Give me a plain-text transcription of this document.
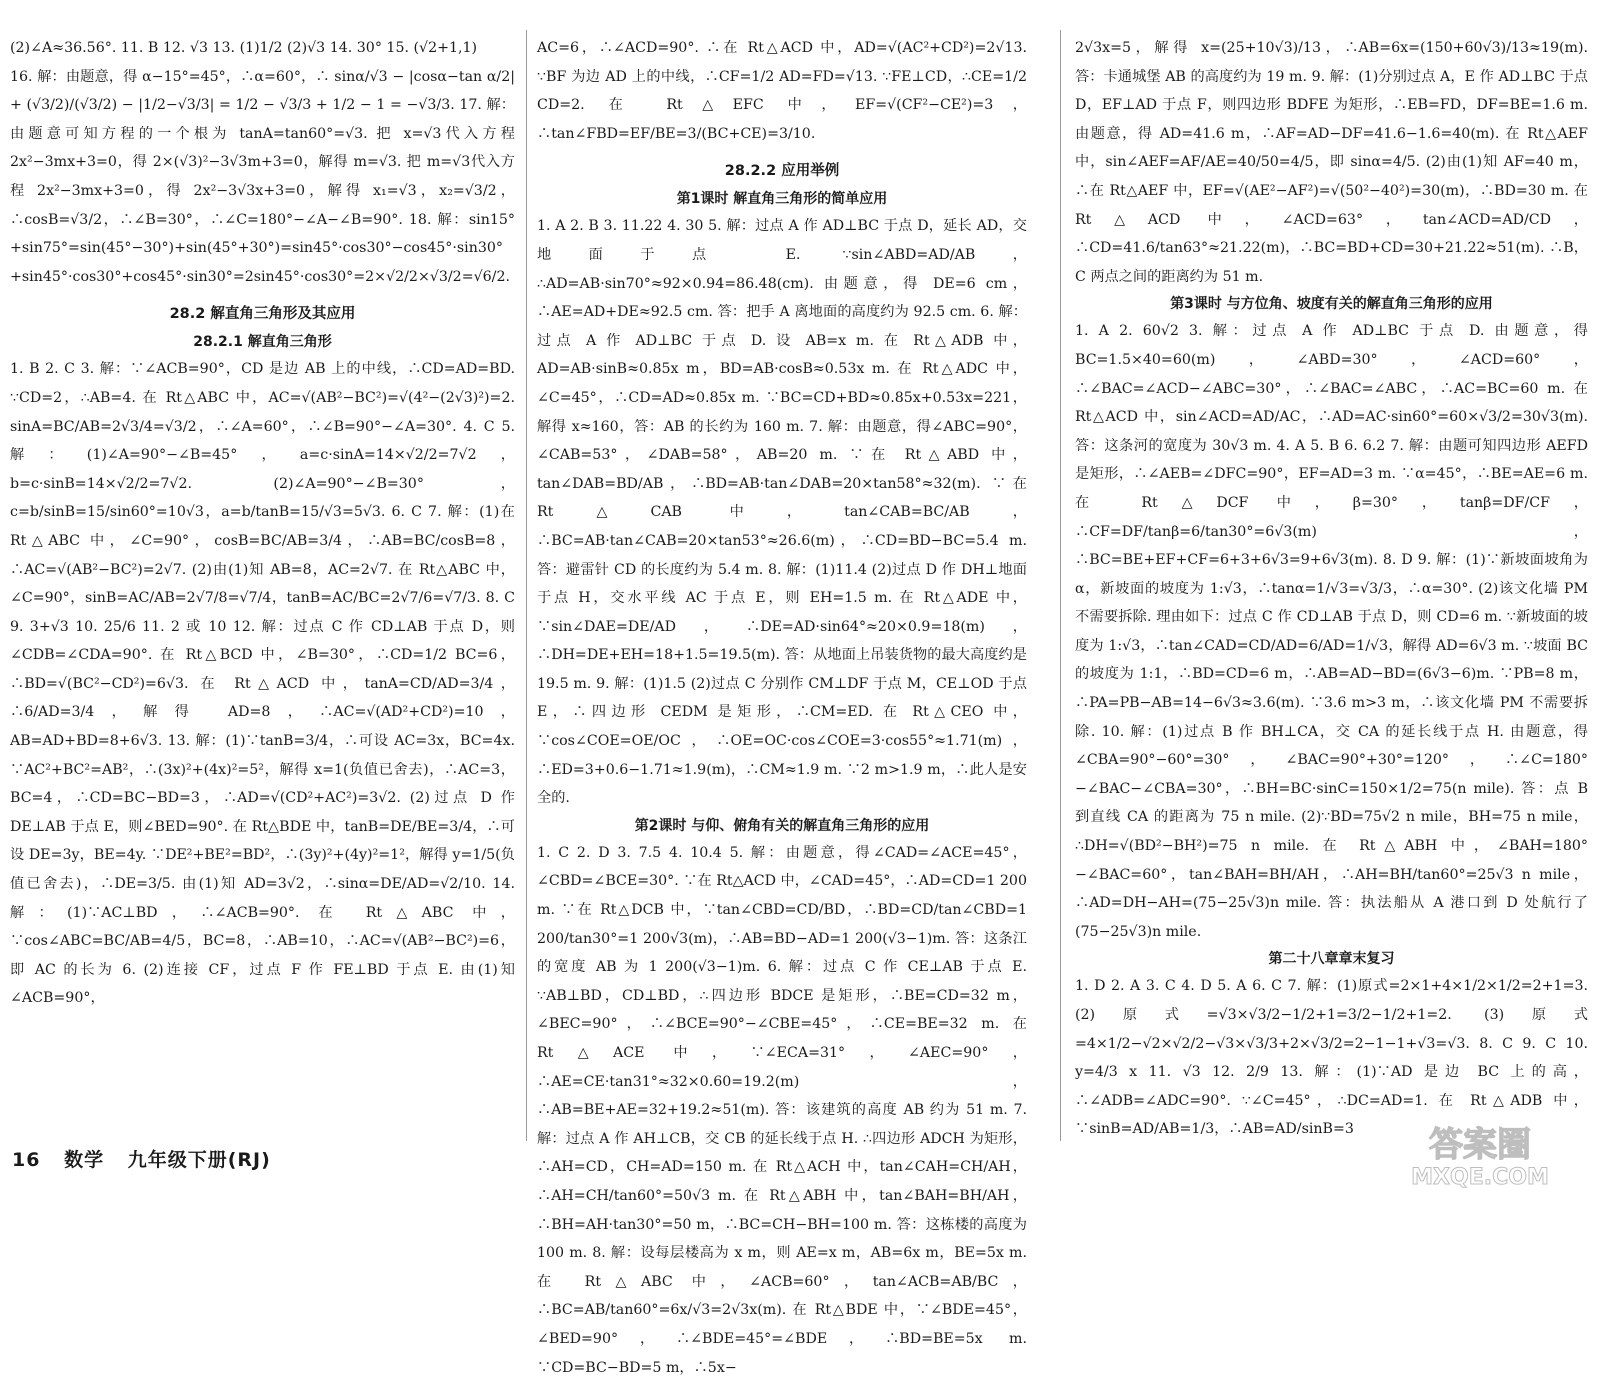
(2)∠A≈36.56°. 11. B 12. √3 13. (1)1/2 (2)√3 14. 30° 15. (√2+1,1)

16. 解：由题意，得 α−15°=45°，∴α=60°，∴ sinα/√3 − |cosα−tan α/2| + (√3/2)/(√3/2) − |1/2−√3/3| = 1/2 − √3/3 + 1/2 − 1 = −√3/3. 17. 解：由题意可知方程的一个根为 tanA=tan60°=√3. 把 x=√3代入方程 2x²−3mx+3=0，得 2×(√3)²−3√3m+3=0，解得 m=√3. 把 m=√3代入方程 2x²−3mx+3=0，得 2x²−3√3x+3=0，解得 x₁=√3，x₂=√3/2，∴cosB=√3/2，∴∠B=30°，∴∠C=180°−∠A−∠B=90°. 18. 解：sin15°+sin75°=sin(45°−30°)+sin(45°+30°)=sin45°·cos30°−cos45°·sin30°+sin45°·cos30°+cos45°·sin30°=2sin45°·cos30°=2×√2/2×√3/2=√6/2.

28.2 解直角三角形及其应用
28.2.1 解直角三角形

1. B 2. C 3. 解：∵∠ACB=90°，CD 是边 AB 上的中线，∴CD=AD=BD. ∵CD=2，∴AB=4. 在 Rt△ABC 中，AC=√(AB²−BC²)=√(4²−(2√3)²)=2. sinA=BC/AB=2√3/4=√3/2，∴∠A=60°，∴∠B=90°−∠A=30°. 4. C 5. 解：(1)∠A=90°−∠B=45°，a=c·sinA=14×√2/2=7√2，b=c·sinB=14×√2/2=7√2. (2)∠A=90°−∠B=30°，c=b/sinB=15/sin60°=10√3，a=b/tanB=15/√3=5√3. 6. C 7. 解：(1)在 Rt△ABC 中，∠C=90°，cosB=BC/AB=3/4，∴AB=BC/cosB=8，∴AC=√(AB²−BC²)=2√7. (2)由(1)知 AB=8，AC=2√7. 在 Rt△ABC 中，∠C=90°，sinB=AC/AB=2√7/8=√7/4，tanB=AC/BC=2√7/6=√7/3. 8. C 9. 3+√3 10. 25/6 11. 2 或 10 12. 解：过点 C 作 CD⊥AB 于点 D，则∠CDB=∠CDA=90°. 在 Rt△BCD 中，∠B=30°，∴CD=1/2 BC=6，∴BD=√(BC²−CD²)=6√3. 在 Rt△ACD 中，tanA=CD/AD=3/4，∴6/AD=3/4，解得 AD=8，∴AC=√(AD²+CD²)=10，AB=AD+BD=8+6√3. 13. 解：(1)∵tanB=3/4，∴可设 AC=3x，BC=4x. ∵AC²+BC²=AB²，∴(3x)²+(4x)²=5²，解得 x=1(负值已舍去)，∴AC=3，BC=4，∴CD=BC−BD=3，∴AD=√(CD²+AC²)=3√2. (2)过点 D 作 DE⊥AB 于点 E，则∠BED=90°. 在 Rt△BDE 中，tanB=DE/BE=3/4，∴可设 DE=3y，BE=4y. ∵DE²+BE²=BD²，∴(3y)²+(4y)²=1²，解得 y=1/5(负值已舍去)，∴DE=3/5. 由(1)知 AD=3√2，∴sinα=DE/AD=√2/10. 14. 解：(1)∵AC⊥BD，∴∠ACB=90°. 在 Rt△ABC 中，∵cos∠ABC=BC/AB=4/5，BC=8，∴AB=10，∴AC=√(AB²−BC²)=6，即 AC 的长为 6. (2)连接 CF，过点 F 作 FE⊥BD 于点 E. 由(1)知∠ACB=90°，

AC=6，∴∠ACD=90°. ∴在 Rt△ACD 中，AD=√(AC²+CD²)=2√13. ∵BF 为边 AD 上的中线，∴CF=1/2 AD=FD=√13. ∵FE⊥CD，∴CE=1/2 CD=2. 在 Rt△EFC 中，EF=√(CF²−CE²)=3，∴tan∠FBD=EF/BE=3/(BC+CE)=3/10.

28.2.2 应用举例
第1课时 解直角三角形的简单应用

1. A 2. B 3. 11.22 4. 30 5. 解：过点 A 作 AD⊥BC 于点 D，延长 AD，交地面于点 E. ∵sin∠ABD=AD/AB，∴AD=AB·sin70°≈92×0.94=86.48(cm). 由题意，得 DE=6 cm，∴AE=AD+DE≈92.5 cm. 答：把手 A 离地面的高度约为 92.5 cm. 6. 解：过点 A 作 AD⊥BC 于点 D. 设 AB=x m. 在 Rt△ADB 中，AD=AB·sinB≈0.85x m，BD=AB·cosB≈0.53x m. 在 Rt△ADC 中，∠C=45°，∴CD=AD≈0.85x m. ∵BC=CD+BD≈0.85x+0.53x=221，解得 x≈160，答：AB 的长约为 160 m. 7. 解：由题意，得∠ABC=90°，∠CAB=53°，∠DAB=58°，AB=20 m. ∵在 Rt△ABD 中，tan∠DAB=BD/AB，∴BD=AB·tan∠DAB=20×tan58°≈32(m). ∵在 Rt△CAB 中，tan∠CAB=BC/AB，∴BC=AB·tan∠CAB=20×tan53°≈26.6(m)，∴CD=BD−BC=5.4 m. 答：避雷针 CD 的长度约为 5.4 m. 8. 解：(1)11.4 (2)过点 D 作 DH⊥地面于点 H，交水平线 AC 于点 E，则 EH=1.5 m. 在 Rt△ADE 中，∵sin∠DAE=DE/AD，∴DE=AD·sin64°≈20×0.9=18(m)，∴DH=DE+EH=18+1.5=19.5(m). 答：从地面上吊装货物的最大高度约是 19.5 m. 9. 解：(1)1.5 (2)过点 C 分别作 CM⊥DF 于点 M，CE⊥OD 于点 E，∴四边形 CEDM 是矩形，∴CM=ED. 在 Rt△CEO 中，∵cos∠COE=OE/OC，∴OE=OC·cos∠COE=3·cos55°≈1.71(m)，∴ED=3+0.6−1.71≈1.9(m)，∴CM≈1.9 m. ∵2 m>1.9 m，∴此人是安全的.

第2课时 与仰、俯角有关的解直角三角形的应用

1. C 2. D 3. 7.5 4. 10.4 5. 解：由题意，得∠CAD=∠ACE=45°，∠CBD=∠BCE=30°. ∵在 Rt△ACD 中，∠CAD=45°，∴AD=CD=1 200 m. ∵在 Rt△DCB 中，∵tan∠CBD=CD/BD，∴BD=CD/tan∠CBD=1 200/tan30°=1 200√3(m)，∴AB=BD−AD=1 200(√3−1)m. 答：这条江的宽度 AB 为 1 200(√3−1)m. 6. 解：过点 C 作 CE⊥AB 于点 E. ∵AB⊥BD，CD⊥BD，∴四边形 BDCE 是矩形，∴BE=CD=32 m，∠BEC=90°，∴∠BCE=90°−∠CBE=45°，∴CE=BE=32 m. 在 Rt△ACE 中，∵∠ECA=31°，∠AEC=90°，∴AE=CE·tan31°≈32×0.60=19.2(m)，∴AB=BE+AE=32+19.2≈51(m). 答：该建筑的高度 AB 约为 51 m. 7. 解：过点 A 作 AH⊥CB，交 CB 的延长线于点 H. ∴四边形 ADCH 为矩形，∴AH=CD，CH=AD=150 m. 在 Rt△ACH 中，tan∠CAH=CH/AH，∴AH=CH/tan60°=50√3 m. 在 Rt△ABH 中，tan∠BAH=BH/AH，∴BH=AH·tan30°=50 m，∴BC=CH−BH=100 m. 答：这栋楼的高度为 100 m. 8. 解：设每层楼高为 x m，则 AE=x m，AB=6x m，BE=5x m. 在 Rt△ABC 中，∠ACB=60°，tan∠ACB=AB/BC，∴BC=AB/tan60°=6x/√3=2√3x(m). 在 Rt△BDE 中，∵∠BDE=45°，∠BED=90°，∴∠BDE=45°=∠BDE，∴BD=BE=5x m. ∵CD=BC−BD=5 m，∴5x−

2√3x=5，解得 x=(25+10√3)/13，∴AB=6x=(150+60√3)/13≈19(m). 答：卡通城堡 AB 的高度约为 19 m. 9. 解：(1)分别过点 A，E 作 AD⊥BC 于点 D，EF⊥AD 于点 F，则四边形 BDFE 为矩形，∴EB=FD，DF=BE=1.6 m. 由题意，得 AD=41.6 m，∴AF=AD−DF=41.6−1.6=40(m). 在 Rt△AEF 中，sin∠AEF=AF/AE=40/50=4/5，即 sinα=4/5. (2)由(1)知 AF=40 m，∴在 Rt△AEF 中，EF=√(AE²−AF²)=√(50²−40²)=30(m)，∴BD=30 m. 在 Rt△ACD 中，∠ACD=63°，tan∠ACD=AD/CD，∴CD=41.6/tan63°≈21.22(m)，∴BC=BD+CD=30+21.22≈51(m). ∴B，C 两点之间的距离约为 51 m.

第3课时 与方位角、坡度有关的解直角三角形的应用

1. A 2. 60√2 3. 解：过点 A 作 AD⊥BC 于点 D. 由题意，得 BC=1.5×40=60(m)，∠ABD=30°，∠ACD=60°，∴∠BAC=∠ACD−∠ABC=30°，∴∠BAC=∠ABC，∴AC=BC=60 m. 在 Rt△ACD 中，sin∠ACD=AD/AC，∴AD=AC·sin60°=60×√3/2=30√3(m). 答：这条河的宽度为 30√3 m. 4. A 5. B 6. 6.2 7. 解：由题可知四边形 AEFD 是矩形，∴∠AEB=∠DFC=90°，EF=AD=3 m. ∵α=45°，∴BE=AE=6 m. 在 Rt△DCF 中，β=30°，tanβ=DF/CF，∴CF=DF/tanβ=6/tan30°=6√3(m)，∴BC=BE+EF+CF=6+3+6√3=9+6√3(m). 8. D 9. 解：(1)∵新坡面坡角为 α，新坡面的坡度为 1:√3，∴tanα=1/√3=√3/3，∴α=30°. (2)该文化墙 PM 不需要拆除. 理由如下：过点 C 作 CD⊥AB 于点 D，则 CD=6 m. ∵新坡面的坡度为 1:√3，∴tan∠CAD=CD/AD=6/AD=1/√3，解得 AD=6√3 m. ∵坡面 BC 的坡度为 1:1，∴BD=CD=6 m，∴AB=AD−BD=(6√3−6)m. ∵PB=8 m，∴PA=PB−AB=14−6√3≈3.6(m). ∵3.6 m>3 m，∴该文化墙 PM 不需要拆除. 10. 解：(1)过点 B 作 BH⊥CA，交 CA 的延长线于点 H. 由题意，得∠CBA=90°−60°=30°，∠BAC=90°+30°=120°，∴∠C=180°−∠BAC−∠CBA=30°，∴BH=BC·sinC=150×1/2=75(n mile). 答：点 B 到直线 CA 的距离为 75 n mile. (2)∵BD=75√2 n mile，BH=75 n mile，∴DH=√(BD²−BH²)=75 n mile. 在 Rt△ABH 中，∠BAH=180°−∠BAC=60°，tan∠BAH=BH/AH，∴AH=BH/tan60°=25√3 n mile，∴AD=DH−AH=(75−25√3)n mile. 答：执法船从 A 港口到 D 处航行了(75−25√3)n mile.

第二十八章章末复习

1. D 2. A 3. C 4. D 5. A 6. C 7. 解：(1)原式=2×1+4×1/2×1/2=2+1=3. (2)原式=√3×√3/2−1/2+1=3/2−1/2+1=2. (3)原式=4×1/2−√2×√2/2−√3×√3/3+2×√3/2=2−1−1+√3=√3. 8. C 9. C 10. y=4/3 x 11. √3 12. 2/9 13. 解：(1)∵AD 是边 BC 上的高，∴∠ADB=∠ADC=90°. ∵∠C=45°，∴DC=AD=1. 在 Rt△ADB 中，∵sinB=AD/AB=1/3，∴AB=AD/sinB=3

16 数学 九年级下册(RJ)	答案圈
MXQE.COM
